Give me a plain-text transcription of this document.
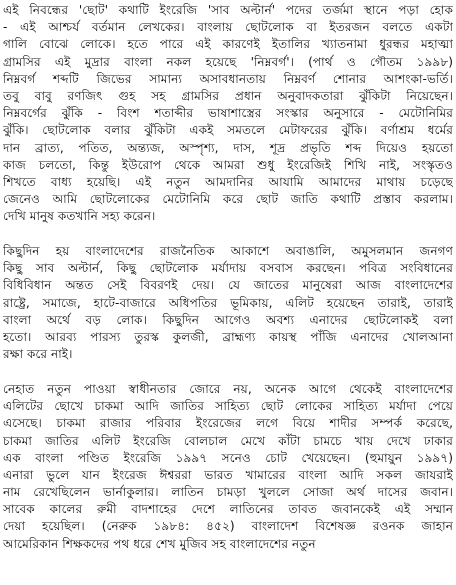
এই নিবন্ধের 'ছোট' কথাটি ইংরেজি 'সাব অল্টার্ন' পদের তর্জমা স্থানে পড়া হোক
- এই আশ্চর্য বর্তমান লেখকের। বাংলায় ছোটলোক বা ইতরজন বলতে একটা
গালি বোঝে লোকে। হতে পারে এই কারণেই ইতালির খ্যাতনামা ধুরন্ধর মহাত্মা
গ্রামসির এই মুদ্রার বাংলা নকল হয়েছে 'নিম্নবর্গ'। (পার্থ ও গৌতম ১৯৯৮)
নিম্নবর্গ শব্দটি জিভের সামান্য অসাবধানতায় নিম্নবর্ণ শোনার আশংকা-ভর্তি।
তবু বাবু রণজিৎ গুহ সহ গ্রামসির প্রধান অনুবাদকতারা ঝুঁকিটা নিয়েছেন।
নিম্নবর্গের ঝুঁকি - বিংশ শতাব্দীর ভাষাশাস্ত্রের সংস্কার অনুসারে - মেটোনিমির
ঝুঁকি। ছোটলোক বলার ঝুঁকিটা একই সমতলে মেটাফরের ঝুঁকি। বর্ণাশ্রম ধর্মের
দান ব্রাত্য, পতিত, অন্ত্যজ, অস্পৃশ্য, দাস, শূদ্র প্রভৃতি শব্দ দিয়েও হয়তো
কাজ চলতো, কিন্তু ইউরোপ থেকে আমরা শুধু ইংরেজিই শিখি নাই, সংস্কৃতও
শিখতে বাধ্য হয়েছি। এই নতুন আমদানির আযামি আমাদের মাথায় চড়েছে
জেনেও আমি ছোটলোকের মেটোনিমি করে ছোট জাতি কথাটি প্রস্তাব করলাম।
দেখি মানুষ কতখানি সহ্য করেন।
কিছুদিন হয় বাংলাদেশের রাজনৈতিক আকাশে অবাঙালি, অমুসলমান জনগণ
কিছু সাব অল্টার্ন, কিছু ছোটলোক মর্যাদায় বসবাস করছেন। পবিত্র সংবিধানের
বিধিবিধান অন্তত সেই বিবরণই দেয়। যে জাতের মানুষেরা আজ বাংলাদেশের
রাষ্ট্রে, সমাজে, হাটে-বাজারে অধিপতির ভূমিকায়, এলিট হয়েছেন তারাই, তারাই
বাংলা অর্থে বড় লোক। কিছুদিন আগেও অবশ্য এনাদের ছোটলোকই বলা
হতো। আরব্য পারস্য তুরস্ক কুলজী, ব্রাহ্মণ্য কায়স্থ পাঁজি এনাদের খোলআনা
রক্ষা করে নাই।
নেহাত নতুন পাওয়া স্বাধীনতার জোরে নয়, অনেক আগে থেকেই বাংলাদেশের
এলিটের ছোখে চাকমা আদি জাতির সাহিত্য ছোট লোকের সাহিত্য মর্যাদা পেয়ে
এসেছে। চাকমা রাজার পরিবার ইংরেজের লগে বিয়ে শাদীর সম্পর্ক করেছে,
চাকমা জাতির এলিট ইংরেজি বোলচাল মেখে কাঁটা চামচে খায় দেখে ঢাকার
এক বাংলা পণ্ডিত ইংরেজি ১৯৯৭ সনেও চোট খেয়েছেন। (হুমায়ুন ১৯৯৭)
এনারা ভুলে যান ইংরেজ ঈশ্বররা ভারত খামারের বাংলা আদি সকল জাযরাই
নাম রেখেছিলেন ভার্নাকুলার। লাতিন চামড়া খুললে সোজা অর্থ দাসের জবান।
সাবেক কালের রুমী বাদশাহের দেশে লাতিনের তাবত জবানকেই এই সম্মান
দেয়া হয়েছিল। (নেরুক ১৯৮৪: ৪৫২) বাংলাদেশ বিশেষজ্ঞ রওনক জাহান
আমেরিকান শিক্ষকদের পথ ধরে শেখ মুজিব সহ বাংলাদেশের নতুন
